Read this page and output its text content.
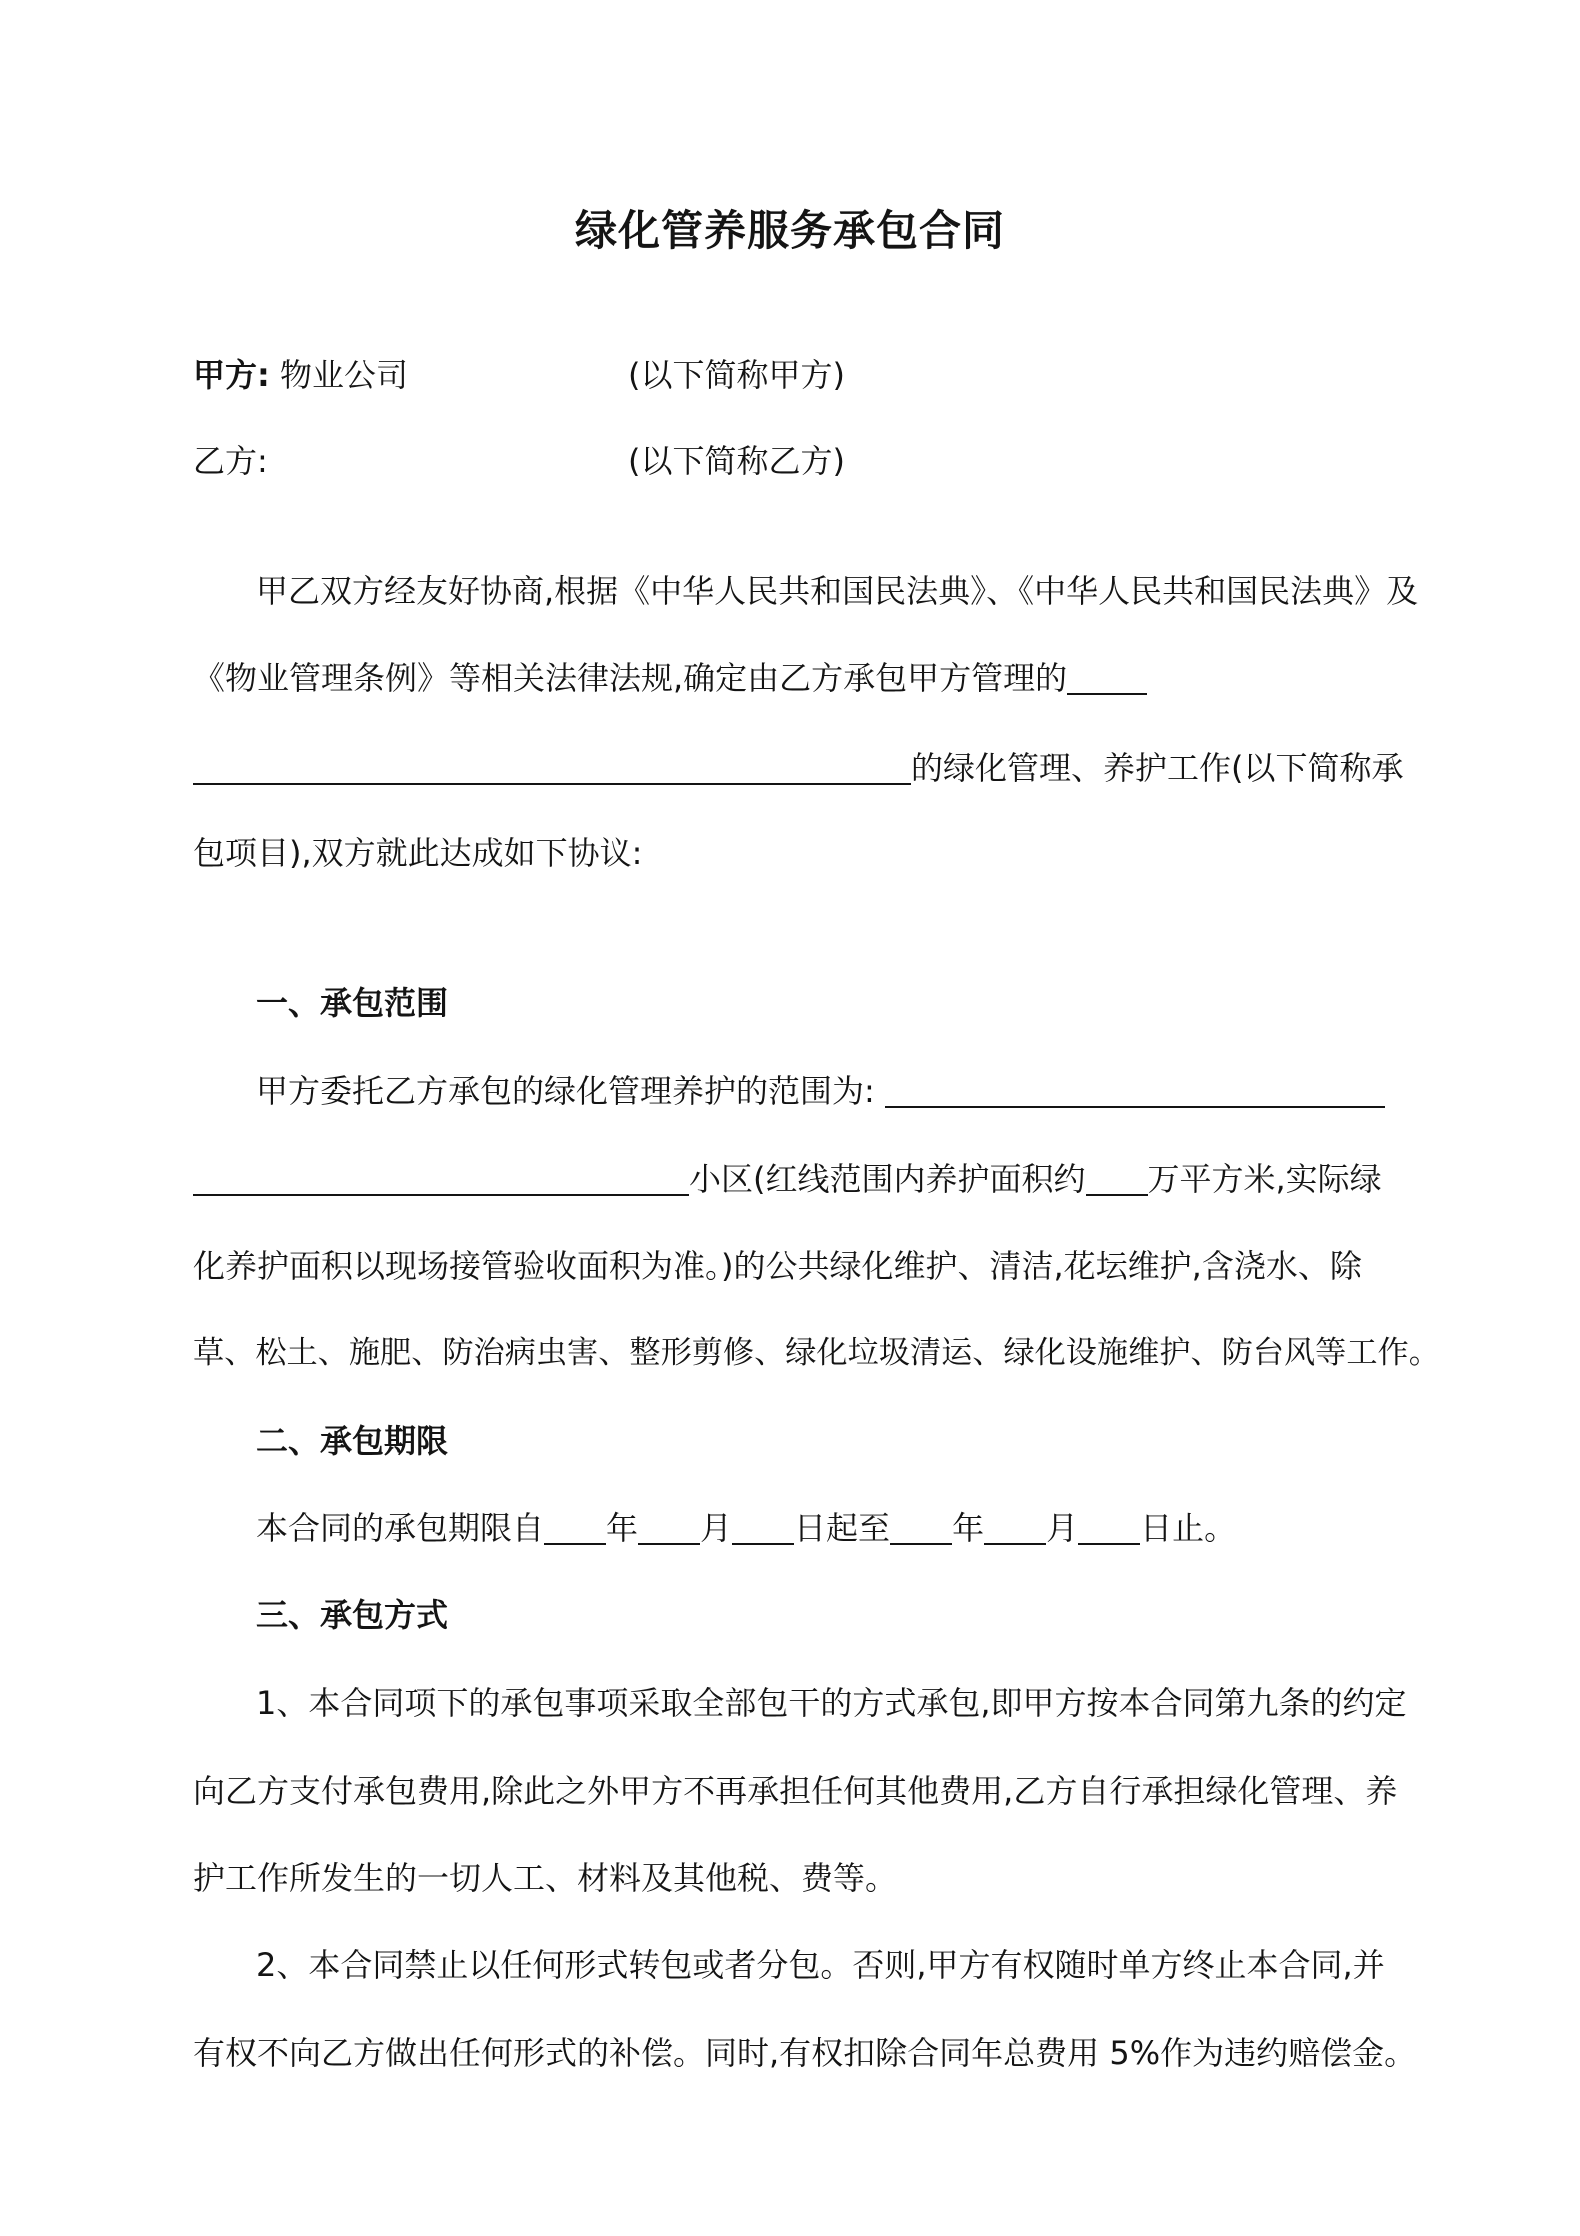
绿化管养服务承包合同
甲方: 物业公司	(以下简称甲方)
乙方:	(以下简称乙方)
甲乙双方经友好协商,根据《中华人民共和国民法典》、《中华人民共和国民法典》及
《物业管理条例》等相关法律法规,确定由乙方承包甲方管理的
的绿化管理、养护工作(以下简称承
包项目),双方就此达成如下协议:
一、承包范围
甲方委托乙方承包的绿化管理养护的范围为:
小区(红线范围内养护面积约 万平方米,实际绿
化养护面积以现场接管验收面积为准。)的公共绿化维护、清洁,花坛维护,含浇水、除
草、松土、施肥、防治病虫害、整形剪修、绿化垃圾清运、绿化设施维护、防台风等工作。
二、承包期限
本合同的承包期限自 年 月 日起至 年 月 日止。
三、承包方式
1、本合同项下的承包事项采取全部包干的方式承包,即甲方按本合同第九条的约定
向乙方支付承包费用,除此之外甲方不再承担任何其他费用,乙方自行承担绿化管理、养
护工作所发生的一切人工、材料及其他税、费等。
2、本合同禁止以任何形式转包或者分包。否则,甲方有权随时单方终止本合同,并
有权不向乙方做出任何形式的补偿。同时,有权扣除合同年总费用 5%作为违约赔偿金。
